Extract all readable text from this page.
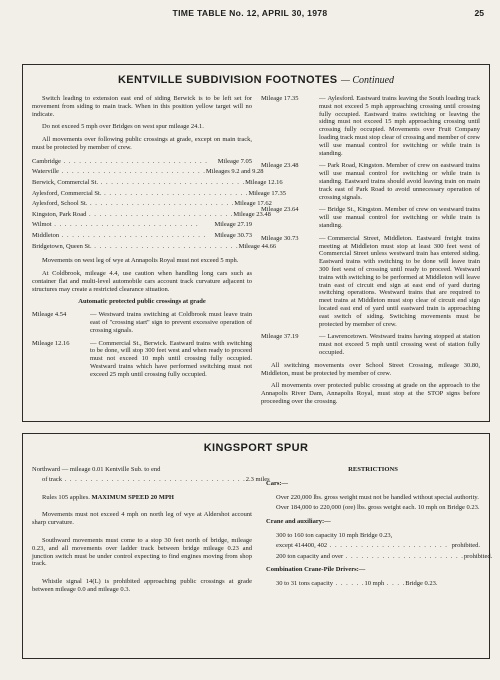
TIME TABLE No. 12, APRIL 30, 1978	25
KENTVILLE SUBDIVISION FOOTNOTES — Continued

Switch leading to extension east end of siding Berwick is to be left set for movement from siding to main track. When in this position yellow target will no indicate.

Do not exceed 5 mph over Bridges on west spur mileage 24.1.

All movements over following public crossings at grade, except on main track, must be protected by member of crew.

Cambridge . . . . . . . . . . . . . . . . . . . . . . . . . . . .	Mileage 7.05
Waterville . . . . . . . . . . . . . . . . . . . . . . . . . . . . Mileages 9.2 and 9.28
Berwick, Commercial St. . . . . . . . . . . . . . . . . . . . . . . . . . . . . Mileage 12.16
Aylesford, Commercial St. . . . . . . . . . . . . . . . . . . . . . . . . . . . . Mileage 17.35
Aylesford, School St. . . . . . . . . . . . . . . . . . . . . . . . . . . . . Mileage 17.62
Kingston, Park Road . . . . . . . . . . . . . . . . . . . . . . . . . . . . Mileage 23.48
Wilmot . . . . . . . . . . . . . . . . . . . . . . . . . . . .	Mileage 27.19
Middleton . . . . . . . . . . . . . . . . . . . . . . . . . . . .	Mileage 30.73
Bridgetown, Queen St. . . . . . . . . . . . . . . . . . . . . . . . . . . . . Mileage 44.66

Movements on west leg of wye at Annapolis Royal must not exceed 5 mph.

At Coldbrook, mileage 4.4, use caution when handling long cars such as container flat and multi-level automobile cars account track curvature adjacent to structures may create a restricted clearance situation.

Automatic protected public crossings at grade

Mileage 4.54	— Westward trains switching at Coldbrook must leave train east of "crossing start" sign to prevent excessive operation of crossing signals.
Mileage 12.16	— Commercial St., Berwick. Eastward trains with switching to be done, will stop 300 feet west and when ready to proceed must not exceed 10 mph until crossing fully occupied. Westward trains which have performed switching must not exceed 25 mph until crossing fully occupied.
Mileage 17.35	— Aylesford. Eastward trains leaving the South loading track must not exceed 5 mph approaching crossing until crossing fully occupied. Eastward trains switching or leaving the siding must not exceed 15 mph approaching crossing until crossing fully occupied. Movements over Fruit Company loading track must stop clear of crossing and member of crew will use manual control for switching or while train is standing.
Mileage 23.48	— Park Road, Kingston. Member of crew on eastward trains will use manual control for switching or while train is standing. Eastward trains should avoid leaving train on main track east of Park Road to avoid unnecessary operation of crossing signals.
Mileage 23.64	— Bridge St., Kingston. Member of crew on westward trains will use manual control for switching or while train is standing.
Mileage 30.73	— Commercial Street, Middleton. Eastward freight trains meeting at Middleton must stop at least 300 feet west of Commercial Street unless westward train has entered siding. Eastward trains with switching to be done will leave train 300 feet west of crossing until ready to proceed. Westward trains with switching to be performed at Middleton will leave train east of circuit end sign at east end of yard during switching operations. Westward trains that are required to meet trains at Middleton must stop clear of circuit end sign located east end of yard until eastward train is approaching east switch of siding. Switching movements must be protected by member of crew.
Mileage 37.19	— Lawrencetown. Westward trains having stopped at station must not exceed 5 mph until crossing west of station fully occupied.

All switching movements over School Street Crossing, mileage 30.80, Middleton, must be protected by member of crew.

All movements over protected public crossing at grade on the approach to the Annapolis River Dam, Annapolis Royal, must stop at the STOP signs before proceeding over the crossing.

KINGSPORT SPUR

Northward — mileage 0.01 Kentville Sub. to end

of track . . . . . . . . . . . . . . . . . . . . . . . . . . . . . . . . . . . 2.3 miles

Rules 105 applies. MAXIMUM SPEED 20 MPH

Movements must not exceed 4 mph on north leg of wye at Aldershot account sharp curvature.

Southward movements must come to a stop 30 feet north of bridge, mileage 0.23, and all movements over ladder track between bridge mileage 0.23 and junction switch must be under control expecting to find engines moving from shop track.

Whistle signal 14(L) is prohibited approaching public crossings at grade between mileage 0.0 and mileage 0.3.

RESTRICTIONS

Cars:—

Over 220,000 lbs. gross weight must not be handled without special authority.

Over 184,000 to 220,000 (ore) lbs. gross weight each. 10 mph on Bridge 0.23.

Crane and auxiliary:—

300 to 160 ton capacity 10 mph Bridge 0.23,

except 414400, 402 . . . . . . . . . . . . . . . . . . . . . . . prohibited.
200 ton capacity and over . . . . . . . . . . . . . . . . . . . . . . . prohibited.

Combination Crane-Pile Drivers:—

30 to 31 tons capacity . . . . . . 10 mph . . . . Bridge 0.23.
